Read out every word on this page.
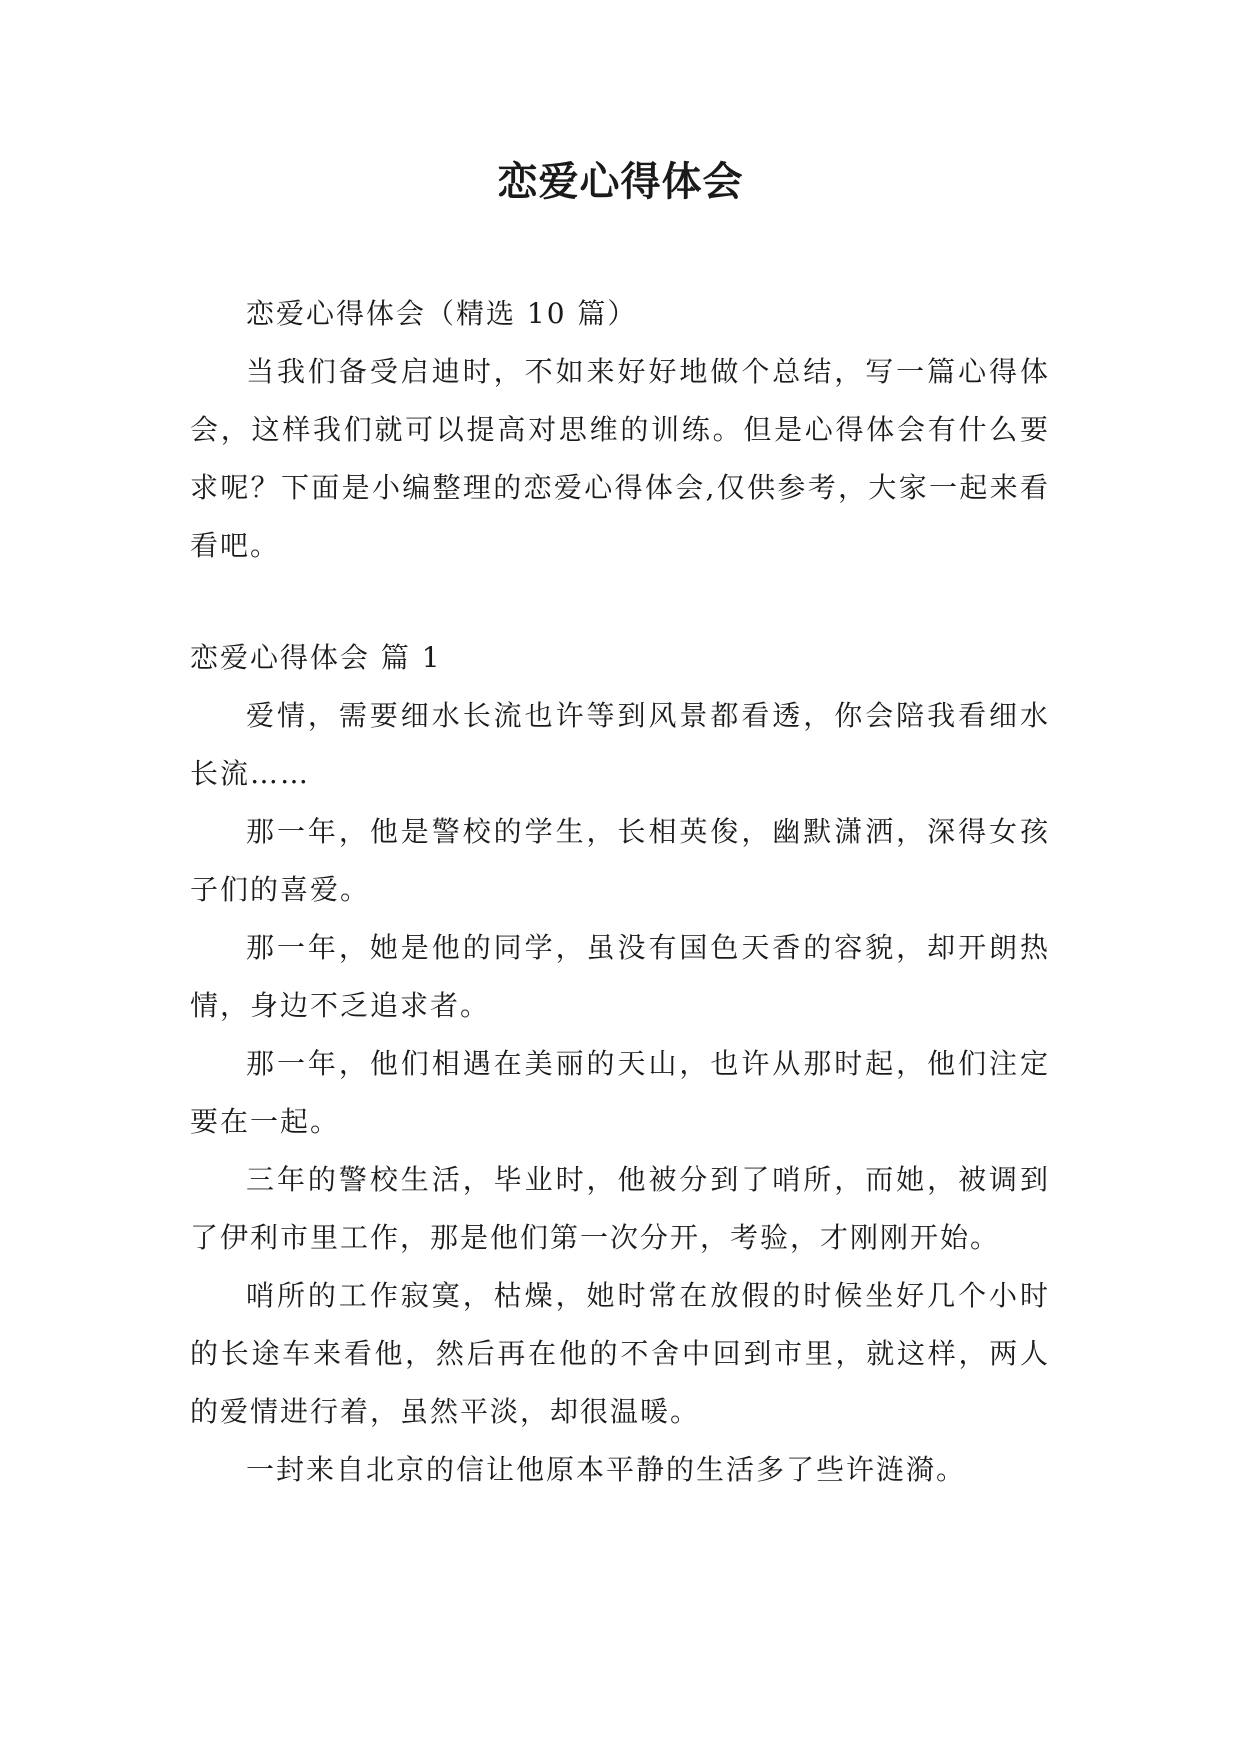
恋爱心得体会

恋爱心得体会（精选 10 篇）

当我们备受启迪时，不如来好好地做个总结，写一篇心得体会，这样我们就可以提高对思维的训练。但是心得体会有什么要求呢？下面是小编整理的恋爱心得体会,仅供参考，大家一起来看看吧。

恋爱心得体会 篇 1

爱情，需要细水长流也许等到风景都看透，你会陪我看细水长流……

那一年，他是警校的学生，长相英俊，幽默潇洒，深得女孩子们的喜爱。

那一年，她是他的同学，虽没有国色天香的容貌，却开朗热情，身边不乏追求者。

那一年，他们相遇在美丽的天山，也许从那时起，他们注定要在一起。

三年的警校生活，毕业时，他被分到了哨所，而她，被调到了伊利市里工作，那是他们第一次分开，考验，才刚刚开始。

哨所的工作寂寞，枯燥，她时常在放假的时候坐好几个小时的长途车来看他，然后再在他的不舍中回到市里，就这样，两人的爱情进行着，虽然平淡，却很温暖。

一封来自北京的信让他原本平静的生活多了些许涟漪。
